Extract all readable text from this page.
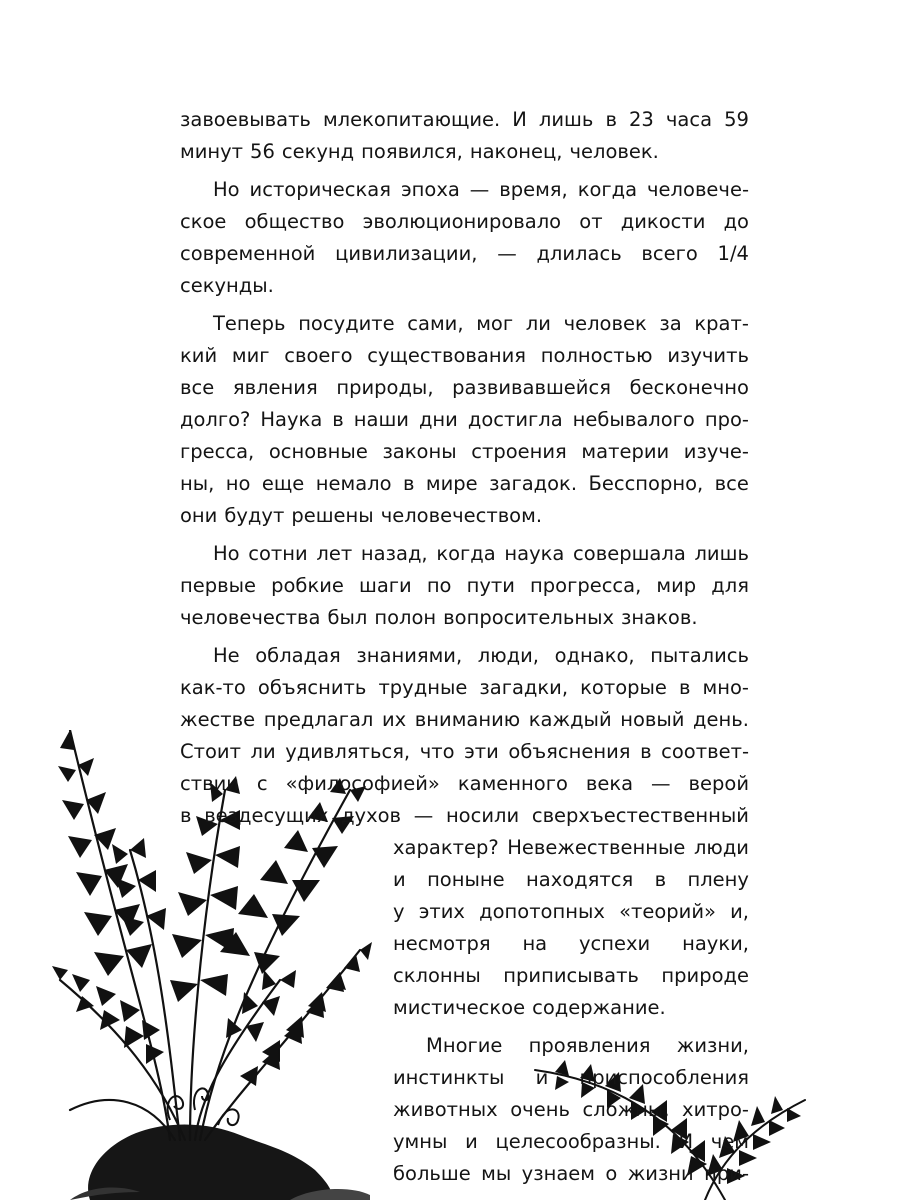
завоевывать млекопитающие. И лишь в 23 часа 59
минут 56 секунд появился, наконец, человек.
Но историческая эпоха — время, когда человече-
ское общество эволюционировало от дикости до
современной цивилизации, — длилась всего 1/4
секунды.
Теперь посудите сами, мог ли человек за крат-
кий миг своего существования полностью изучить
все явления природы, развивавшейся бесконечно
долго? Наука в наши дни достигла небывалого про-
гресса, основные законы строения материи изуче-
ны, но еще немало в мире загадок. Бесспорно, все
они будут решены человечеством.
Но сотни лет назад, когда наука совершала лишь
первые робкие шаги по пути прогресса, мир для
человечества был полон вопросительных знаков.
Не обладая знаниями, люди, однако, пытались
как-то объяснить трудные загадки, которые в мно-
жестве предлагал их вниманию каждый новый день.
Стоит ли удивляться, что эти объяснения в соответ-
ствии с «философией» каменного века — верой
в вездесущих духов — носили сверхъестественный
характер? Невежественные люди
и поныне находятся в плену
у этих допотопных «теорий» и,
несмотря на успехи науки,
склонны приписывать природе
мистическое содержание.
Многие проявления жизни,
инстинкты и приспособления
животных очень сложны, хитро-
умны и целесообразны. И чем
больше мы узнаем о жизни при-
